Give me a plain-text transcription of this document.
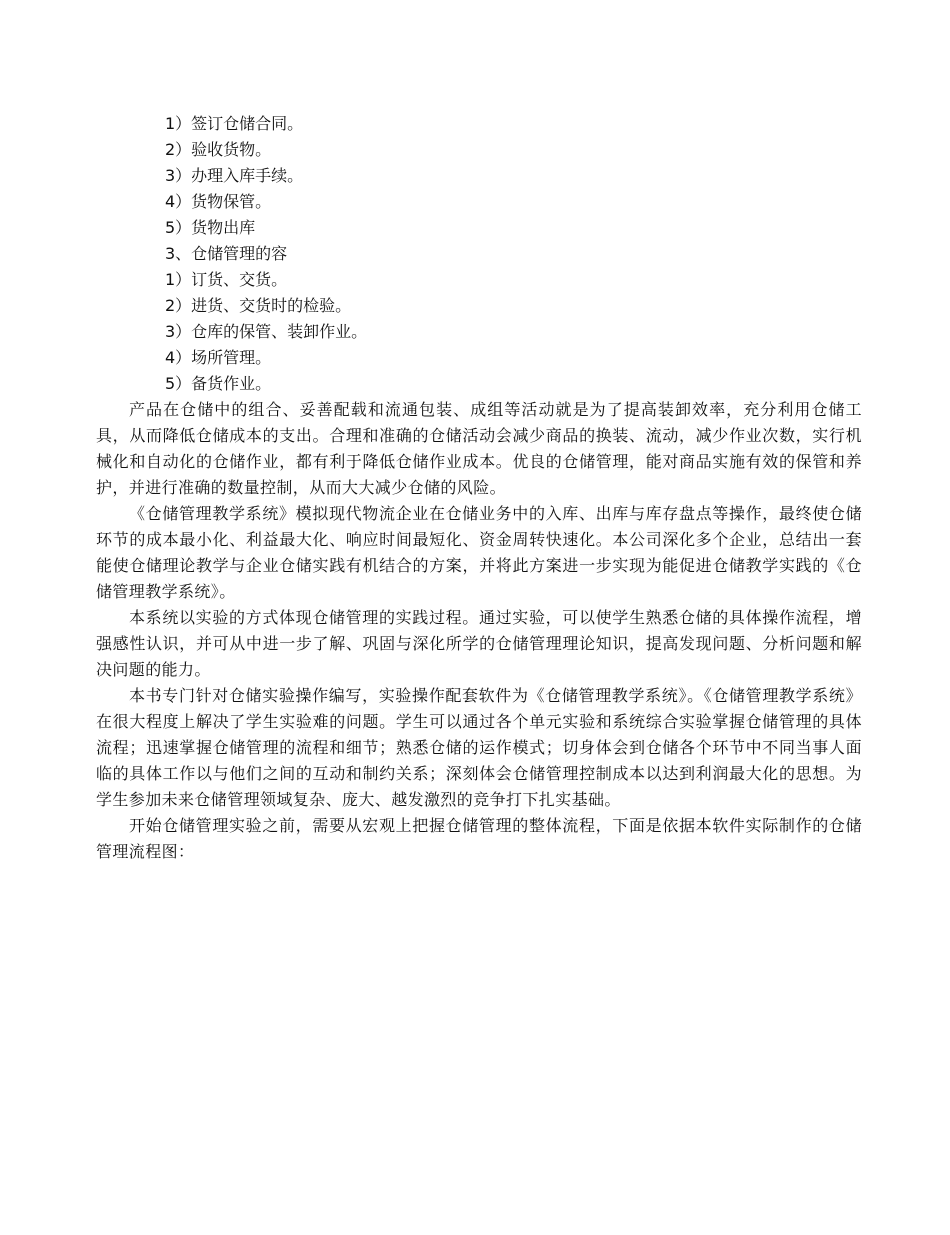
1）签订仓储合同。
2）验收货物。
3）办理入库手续。
4）货物保管。
5）货物出库
3、仓储管理的容
1）订货、交货。
2）进货、交货时的检验。
3）仓库的保管、装卸作业。
4）场所管理。
5）备货作业。

产品在仓储中的组合、妥善配载和流通包装、成组等活动就是为了提高装卸效率，充分利用仓储工具，从而降低仓储成本的支出。合理和准确的仓储活动会减少商品的换装、流动，减少作业次数，实行机械化和自动化的仓储作业，都有利于降低仓储作业成本。优良的仓储管理，能对商品实施有效的保管和养护，并进行准确的数量控制，从而大大减少仓储的风险。

《仓储管理教学系统》模拟现代物流企业在仓储业务中的入库、出库与库存盘点等操作，最终使仓储环节的成本最小化、利益最大化、响应时间最短化、资金周转快速化。本公司深化多个企业，总结出一套能使仓储理论教学与企业仓储实践有机结合的方案，并将此方案进一步实现为能促进仓储教学实践的《仓储管理教学系统》。

本系统以实验的方式体现仓储管理的实践过程。通过实验，可以使学生熟悉仓储的具体操作流程，增强感性认识，并可从中进一步了解、巩固与深化所学的仓储管理理论知识，提高发现问题、分析问题和解决问题的能力。

本书专门针对仓储实验操作编写，实验操作配套软件为《仓储管理教学系统》。《仓储管理教学系统》在很大程度上解决了学生实验难的问题。学生可以通过各个单元实验和系统综合实验掌握仓储管理的具体流程；迅速掌握仓储管理的流程和细节；熟悉仓储的运作模式；切身体会到仓储各个环节中不同当事人面临的具体工作以与他们之间的互动和制约关系；深刻体会仓储管理控制成本以达到利润最大化的思想。为学生参加未来仓储管理领域复杂、庞大、越发激烈的竞争打下扎实基础。

开始仓储管理实验之前，需要从宏观上把握仓储管理的整体流程，下面是依据本软件实际制作的仓储管理流程图：
